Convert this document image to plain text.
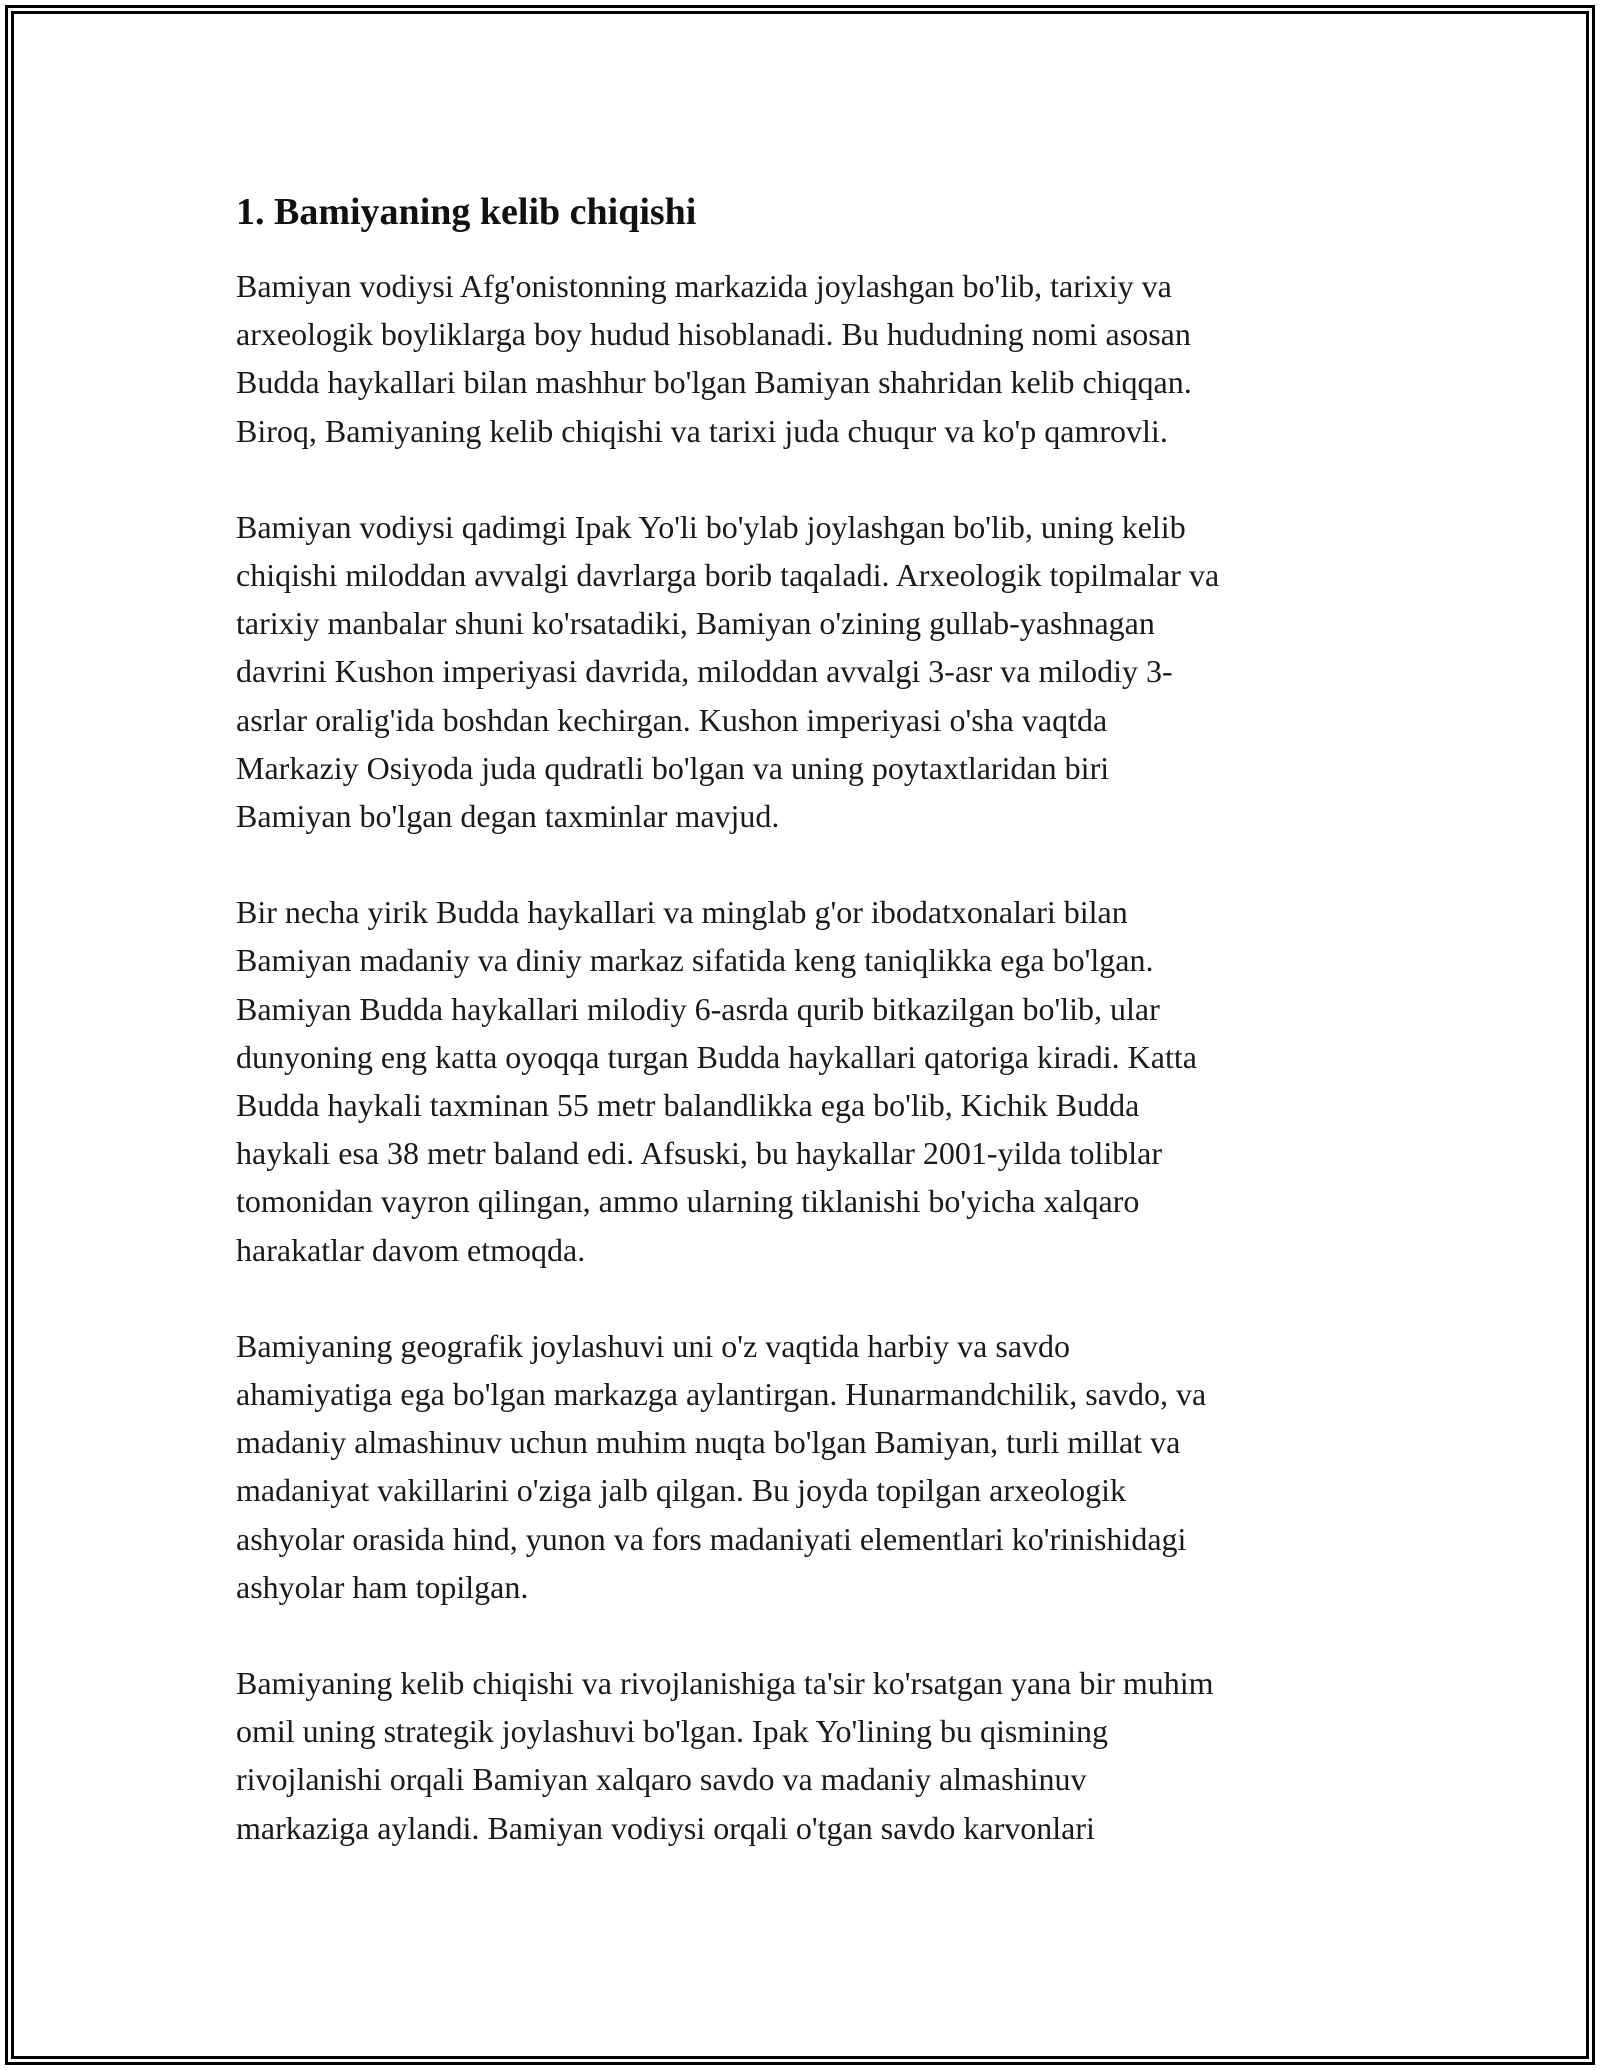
1. Bamiyaning kelib chiqishi

Bamiyan vodiysi Afg'onistonning markazida joylashgan bo'lib, tarixiy va
arxeologik boyliklarga boy hudud hisoblanadi. Bu hududning nomi asosan
Budda haykallari bilan mashhur bo'lgan Bamiyan shahridan kelib chiqqan.
Biroq, Bamiyaning kelib chiqishi va tarixi juda chuqur va ko'p qamrovli.

Bamiyan vodiysi qadimgi Ipak Yo'li bo'ylab joylashgan bo'lib, uning kelib
chiqishi miloddan avvalgi davrlarga borib taqaladi. Arxeologik topilmalar va
tarixiy manbalar shuni ko'rsatadiki, Bamiyan o'zining gullab-yashnagan
davrini Kushon imperiyasi davrida, miloddan avvalgi 3-asr va milodiy 3-
asrlar oralig'ida boshdan kechirgan. Kushon imperiyasi o'sha vaqtda
Markaziy Osiyoda juda qudratli bo'lgan va uning poytaxtlaridan biri
Bamiyan bo'lgan degan taxminlar mavjud.

Bir necha yirik Budda haykallari va minglab g'or ibodatxonalari bilan
Bamiyan madaniy va diniy markaz sifatida keng taniqlikka ega bo'lgan.
Bamiyan Budda haykallari milodiy 6-asrda qurib bitkazilgan bo'lib, ular
dunyoning eng katta oyoqqa turgan Budda haykallari qatoriga kiradi. Katta
Budda haykali taxminan 55 metr balandlikka ega bo'lib, Kichik Budda
haykali esa 38 metr baland edi. Afsuski, bu haykallar 2001-yilda toliblar
tomonidan vayron qilingan, ammo ularning tiklanishi bo'yicha xalqaro
harakatlar davom etmoqda.

Bamiyaning geografik joylashuvi uni o'z vaqtida harbiy va savdo
ahamiyatiga ega bo'lgan markazga aylantirgan. Hunarmandchilik, savdo, va
madaniy almashinuv uchun muhim nuqta bo'lgan Bamiyan, turli millat va
madaniyat vakillarini o'ziga jalb qilgan. Bu joyda topilgan arxeologik
ashyolar orasida hind, yunon va fors madaniyati elementlari ko'rinishidagi
ashyolar ham topilgan.

Bamiyaning kelib chiqishi va rivojlanishiga ta'sir ko'rsatgan yana bir muhim
omil uning strategik joylashuvi bo'lgan. Ipak Yo'lining bu qismining
rivojlanishi orqali Bamiyan xalqaro savdo va madaniy almashinuv
markaziga aylandi. Bamiyan vodiysi orqali o'tgan savdo karvonlari
